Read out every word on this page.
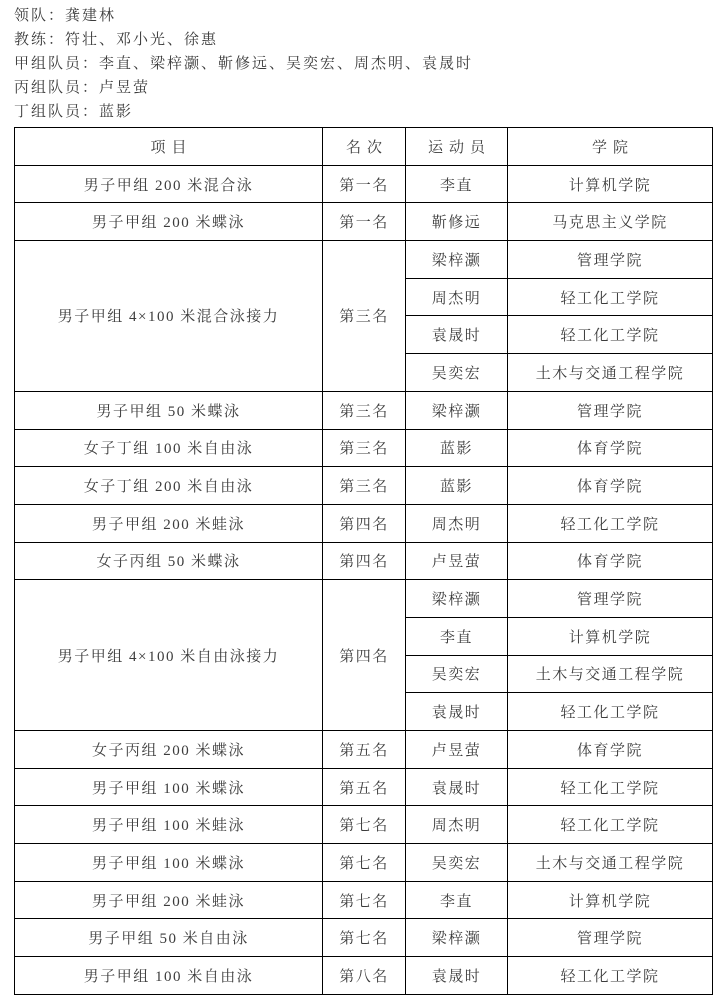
领队：龚建林
教练：符壮、邓小光、徐惠
甲组队员：李直、梁梓灏、靳修远、吴奕宏、周杰明、袁晟时
丙组队员：卢昱萤
丁组队员：蓝影
项目	名次	运动员	学院
男子甲组 200 米混合泳	第一名	李直	计算机学院
男子甲组 200 米蝶泳	第一名	靳修远	马克思主义学院
男子甲组 4×100 米混合泳接力	第三名	梁梓灏	管理学院
		周杰明	轻工化工学院
		袁晟时	轻工化工学院
		吴奕宏	土木与交通工程学院
男子甲组 50 米蝶泳	第三名	梁梓灏	管理学院
女子丁组 100 米自由泳	第三名	蓝影	体育学院
女子丁组 200 米自由泳	第三名	蓝影	体育学院
男子甲组 200 米蛙泳	第四名	周杰明	轻工化工学院
女子丙组 50 米蝶泳	第四名	卢昱萤	体育学院
男子甲组 4×100 米自由泳接力	第四名	梁梓灏	管理学院
		李直	计算机学院
		吴奕宏	土木与交通工程学院
		袁晟时	轻工化工学院
女子丙组 200 米蝶泳	第五名	卢昱萤	体育学院
男子甲组 100 米蝶泳	第五名	袁晟时	轻工化工学院
男子甲组 100 米蛙泳	第七名	周杰明	轻工化工学院
男子甲组 100 米蝶泳	第七名	吴奕宏	土木与交通工程学院
男子甲组 200 米蛙泳	第七名	李直	计算机学院
男子甲组 50 米自由泳	第七名	梁梓灏	管理学院
男子甲组 100 米自由泳	第八名	袁晟时	轻工化工学院
